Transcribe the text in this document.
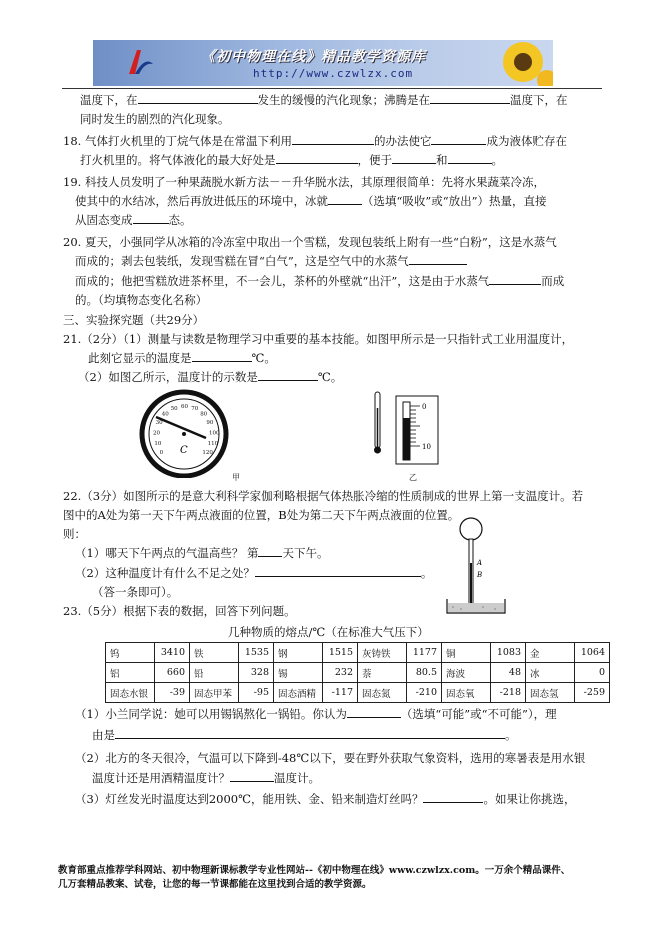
《初中物理在线》精品教学资源库
http://www.czwlzx.com
温度下，在	发生的缓慢的汽化现象；沸腾是在	温度下，在
同时发生的剧烈的汽化现象。
18. 气体打火机里的丁烷气体是在常温下利用	的办法使它	成为液体贮存在
打火机里的。将气体液化的最大好处是	，便于	和	。
19. 科技人员发明了一种果蔬脱水新方法－－升华脱水法，其原理很简单：先将水果蔬菜冷冻，
使其中的水结冰，然后再放进低压的环境中，冰就	（选填“吸收”或“放出”）热量，直接
从固态变成	态。
20. 夏天，小强同学从冰箱的冷冻室中取出一个雪糕，发现包装纸上附有一些“白粉”，这是水蒸气
而成的；剥去包装纸，发现雪糕在冒“白气”，这是空气中的水蒸气
而成的；他把雪糕放进茶杯里，不一会儿，茶杯的外壁就“出汗”，这是由于水蒸气	而成
的。（均填物态变化名称）
三、实验探究题（共29分）
21.（2分）（1）测量与读数是物理学习中重要的基本技能。如图甲所示是一只指针式工业用温度计，
此刻它显示的温度是	℃。
（2）如图乙所示，温度计的示数是	℃。
0
10
20
30
40
50 60 70
80
90
100
110
120
C
甲
0
10
乙
22.（3分）如图所示的是意大利科学家伽利略根据气体热胀冷缩的性质制成的世界上第一支温度计。若
图中的A处为第一天下午两点液面的位置，B处为第二天下午两点液面的位置。
则：
（1）哪天下午两点的气温高些？ 第 天下午。
（2）这种温度计有什么不足之处？	。
（答一条即可）。
A
B
23.（5分）根据下表的数据，回答下列问题。
几种物质的熔点/℃（在标准大气压下）
钨	3410	铁	1535	钢	1515	灰铸铁	1177	铜	1083	金	1064
铝	660	铅	328	锡	232	萘	80.5	海波	48	冰	0
固态水银	-39	固态甲苯	-95	固态酒精	-117	固态氮	-210	固态氧	-218	固态氢	-259
（1）小兰同学说：她可以用锡锅熬化一锅铅。你认为	（选填“可能”或“不可能”），理
由是	。
（2）北方的冬天很冷，气温可以下降到-48℃以下，要在野外获取气象资料，选用的寒暑表是用水银
温度计还是用酒精温度计？	温度计。
（3）灯丝发光时温度达到2000℃，能用铁、金、铅来制造灯丝吗？	。如果让你挑选，
教育部重点推荐学科网站、初中物理新课标教学专业性网站--《初中物理在线》www.czwlzx.com。一万余个精品课件、
几万套精品教案、试卷，让您的每一节课都能在这里找到合适的教学资源。
